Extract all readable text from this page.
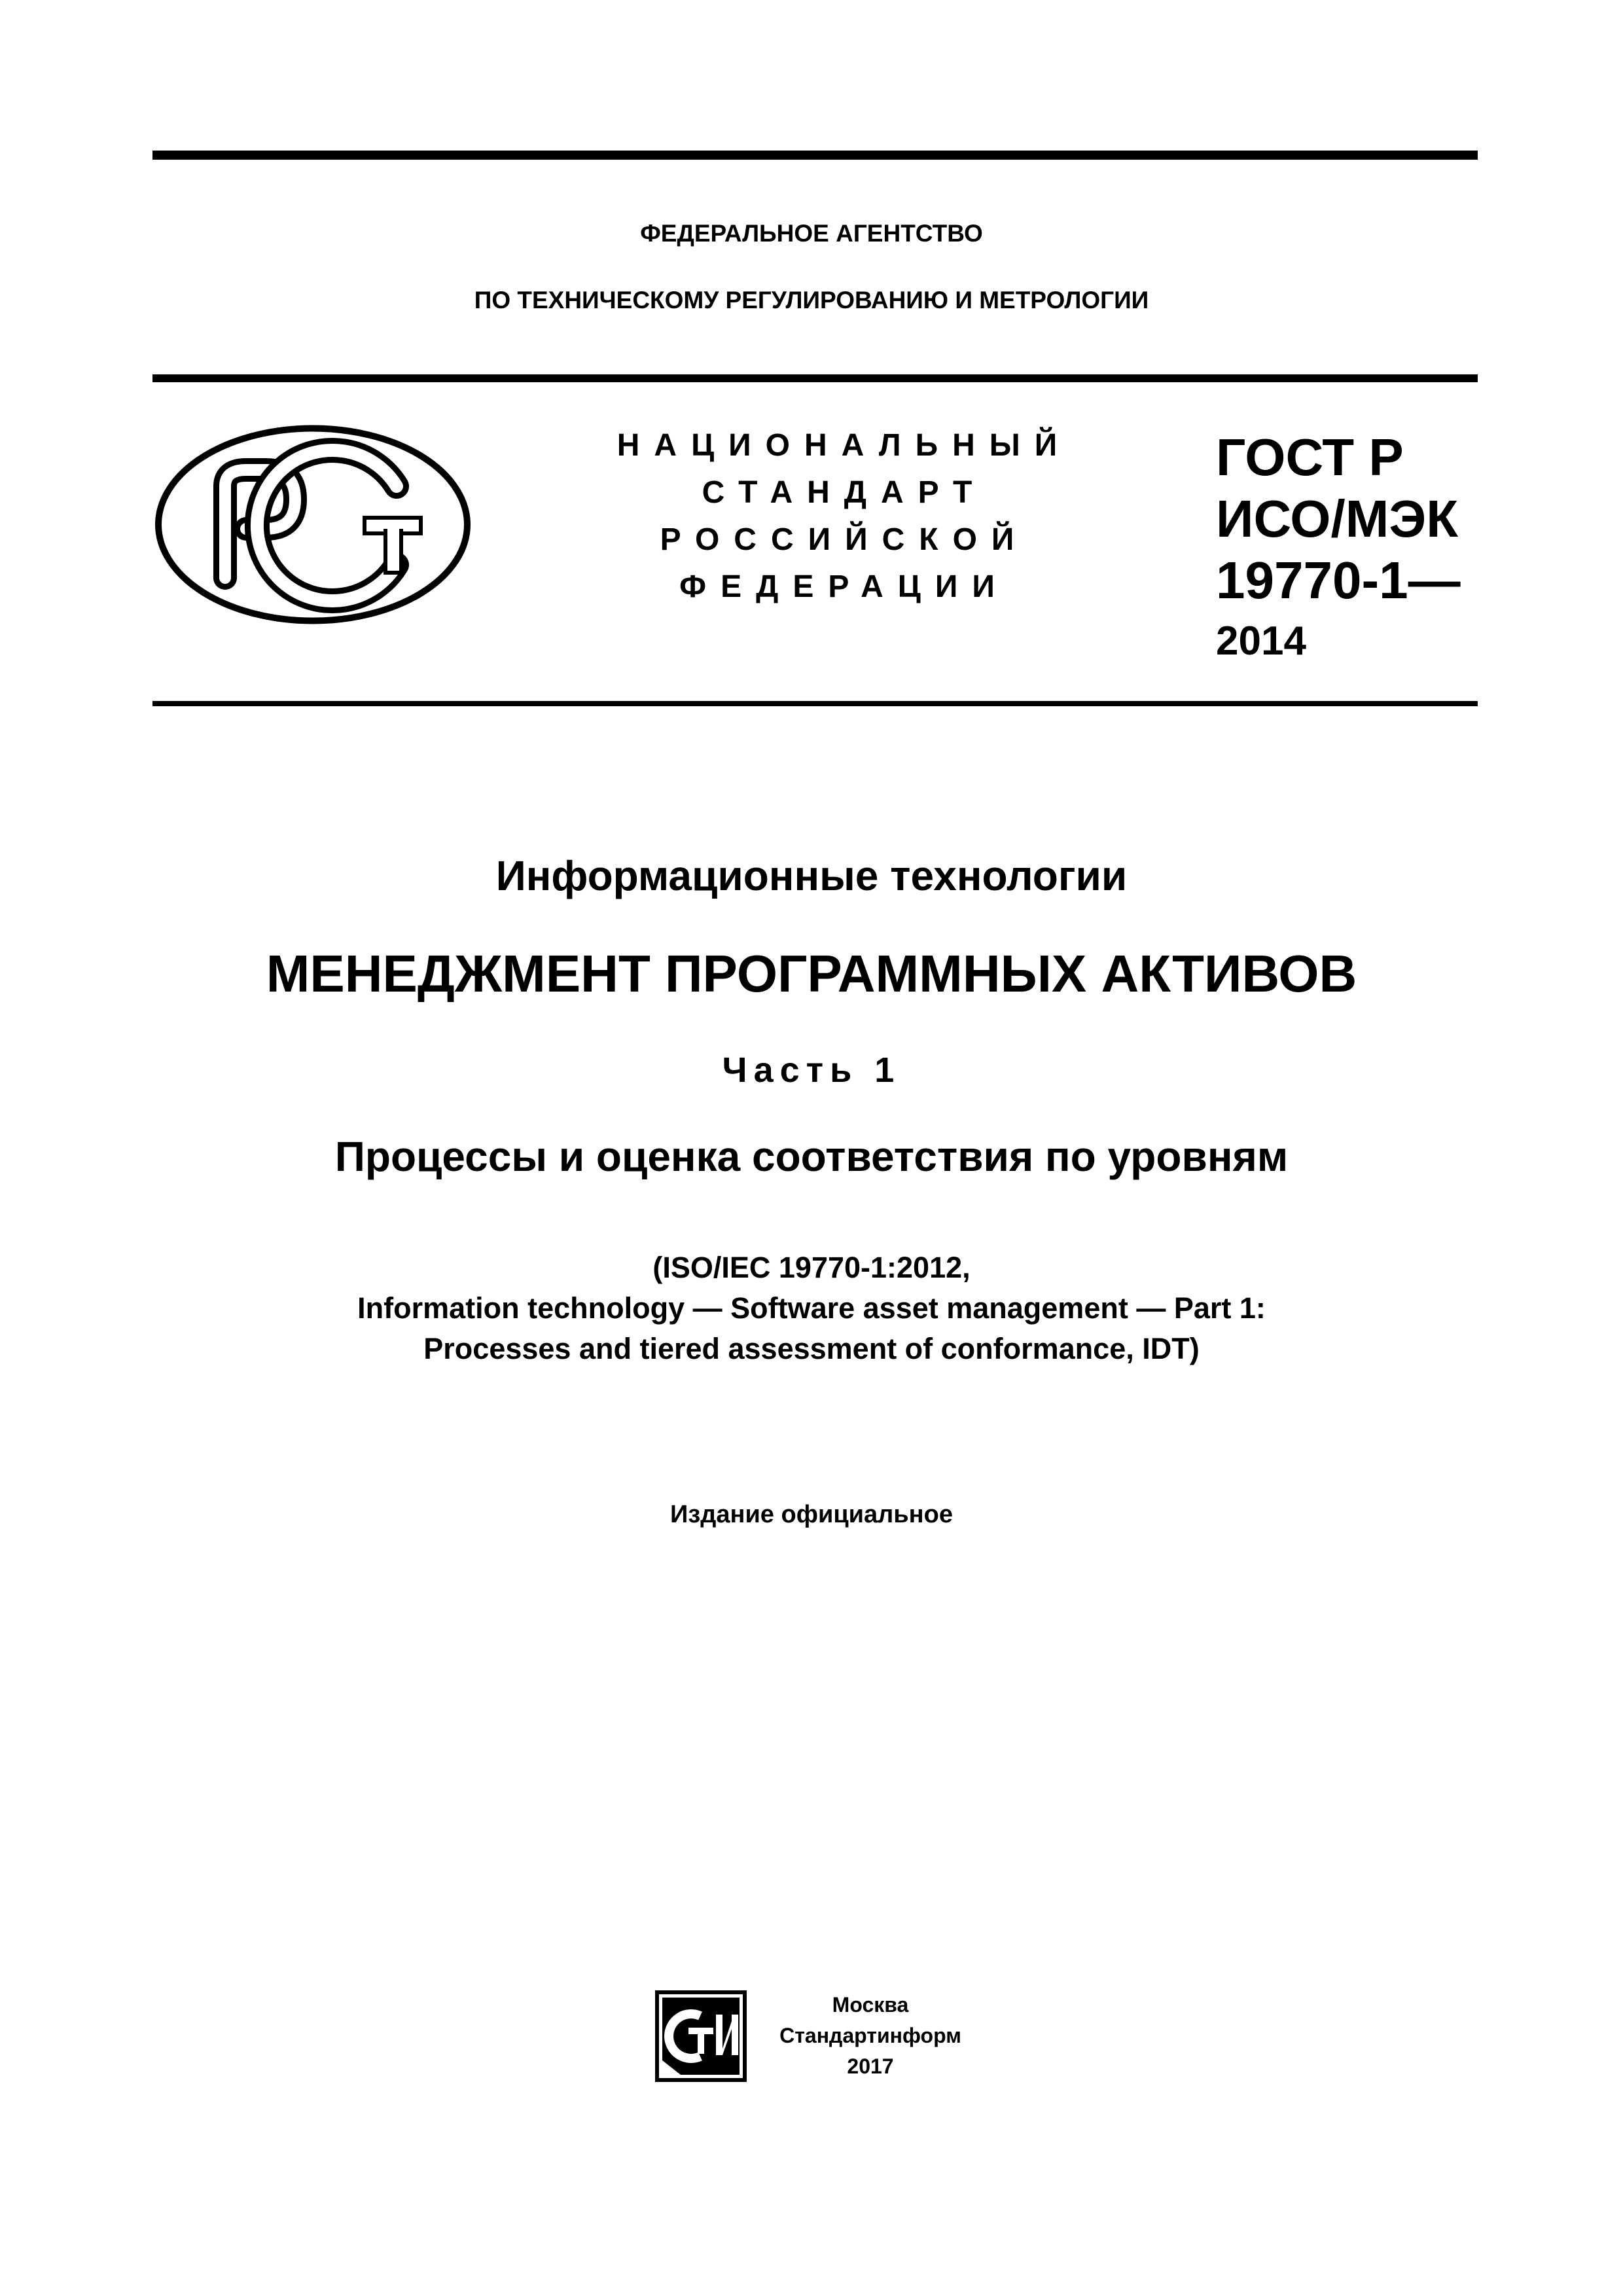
ФЕДЕРАЛЬНОЕ АГЕНТСТВО
ПО ТЕХНИЧЕСКОМУ РЕГУЛИРОВАНИЮ И МЕТРОЛОГИИ
НАЦИОНАЛЬНЫЙ
СТАНДАРТ
РОССИЙСКОЙ
ФЕДЕРАЦИИ
ГОСТ Р
ИСО/МЭК
19770-1—
2014
Информационные технологии
МЕНЕДЖМЕНТ ПРОГРАММНЫХ АКТИВОВ
Часть 1
Процессы и оценка соответствия по уровням
(ISO/IEC 19770-1:2012,
Information technology — Software asset management — Part 1:
Processes and tiered assessment of conformance, IDT)
Издание официальное
Москва
Стандартинформ
2017
